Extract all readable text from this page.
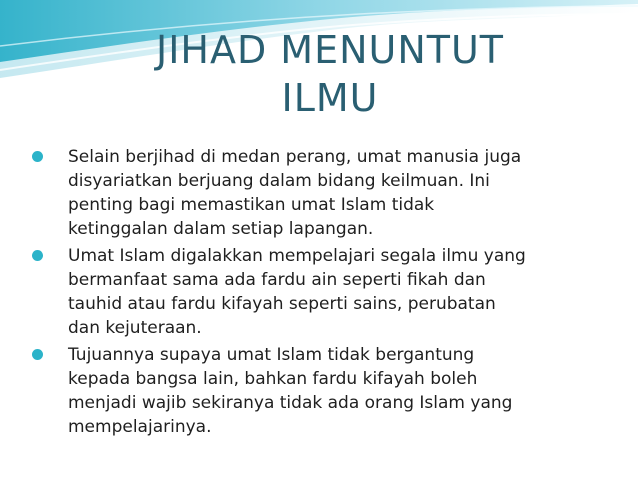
JIHAD MENUNTUT
ILMU
Selain berjihad di medan perang, umat manusia juga
disyariatkan berjuang dalam bidang keilmuan. Ini
penting bagi memastikan umat Islam tidak
ketinggalan dalam setiap lapangan.
Umat Islam digalakkan mempelajari segala ilmu yang
bermanfaat sama ada fardu ain seperti fikah dan
tauhid atau fardu kifayah seperti sains, perubatan
dan kejuteraan.
Tujuannya supaya umat Islam tidak bergantung
kepada bangsa lain, bahkan fardu kifayah boleh
menjadi wajib sekiranya tidak ada orang Islam yang
mempelajarinya.
